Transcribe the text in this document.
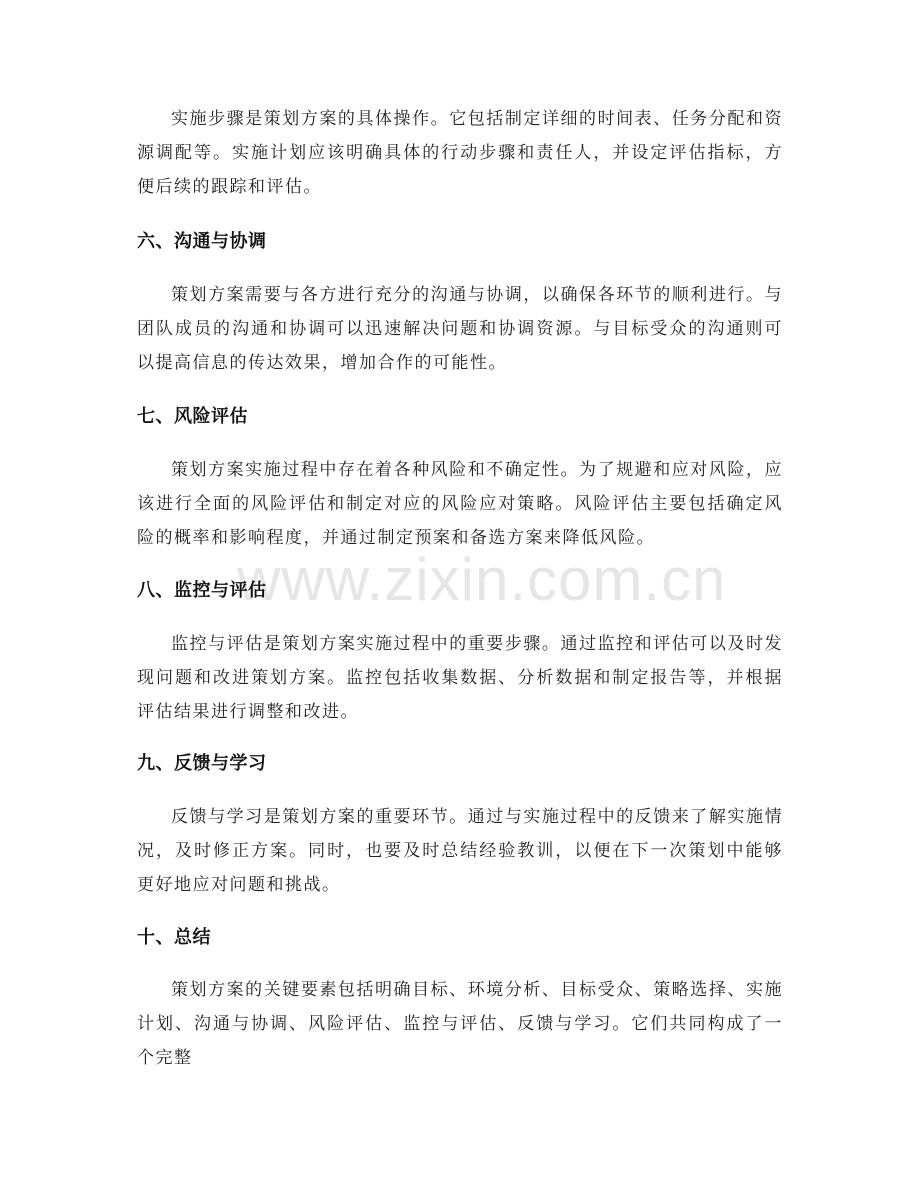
www.zixin.com.cn

实施步骤是策划方案的具体操作。它包括制定详细的时间表、任务分配和资源调配等。实施计划应该明确具体的行动步骤和责任人，并设定评估指标，方便后续的跟踪和评估。

六、沟通与协调

策划方案需要与各方进行充分的沟通与协调，以确保各环节的顺利进行。与团队成员的沟通和协调可以迅速解决问题和协调资源。与目标受众的沟通则可以提高信息的传达效果，增加合作的可能性。

七、风险评估

策划方案实施过程中存在着各种风险和不确定性。为了规避和应对风险，应该进行全面的风险评估和制定对应的风险应对策略。风险评估主要包括确定风险的概率和影响程度，并通过制定预案和备选方案来降低风险。

八、监控与评估

监控与评估是策划方案实施过程中的重要步骤。通过监控和评估可以及时发现问题和改进策划方案。监控包括收集数据、分析数据和制定报告等，并根据评估结果进行调整和改进。

九、反馈与学习

反馈与学习是策划方案的重要环节。通过与实施过程中的反馈来了解实施情况，及时修正方案。同时，也要及时总结经验教训，以便在下一次策划中能够更好地应对问题和挑战。

十、总结

策划方案的关键要素包括明确目标、环境分析、目标受众、策略选择、实施计划、沟通与协调、风险评估、监控与评估、反馈与学习。它们共同构成了一个完整
